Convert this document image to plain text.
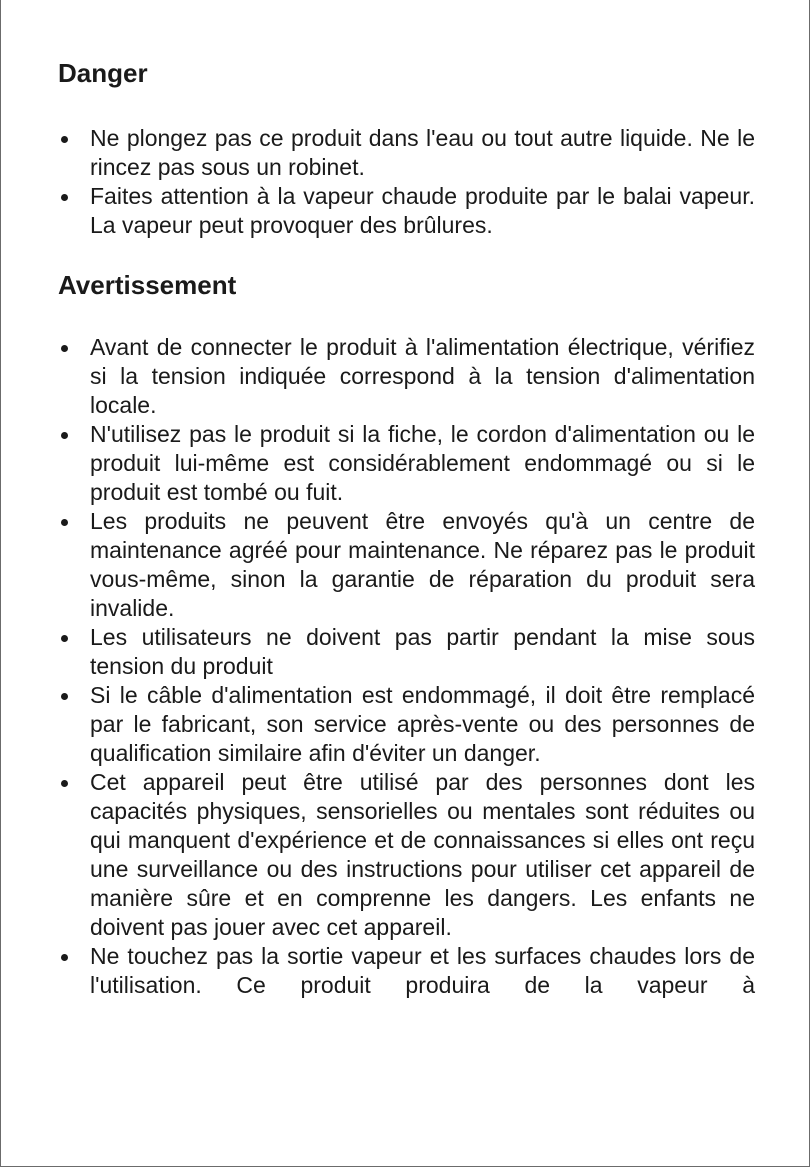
Danger
Ne plongez pas ce produit dans l'eau ou tout autre liquide. Ne le rincez pas sous un robinet.
Faites attention à la vapeur chaude produite par le balai vapeur. La vapeur peut provoquer des brûlures.
Avertissement
Avant de connecter le produit à l'alimentation électrique, vérifiez si la tension indiquée correspond à la tension d'alimentation locale.
N'utilisez pas le produit si la fiche, le cordon d'alimentation ou le produit lui-même est considérablement endommagé ou si le produit est tombé ou fuit.
Les produits ne peuvent être envoyés qu'à un centre de maintenance agréé pour maintenance. Ne réparez pas le produit vous-même, sinon la garantie de réparation du produit sera invalide.
Les utilisateurs ne doivent pas partir pendant la mise sous tension du produit
Si le câble d'alimentation est endommagé, il doit être remplacé par le fabricant, son service après-vente ou des personnes de qualification similaire afin d'éviter un danger.
Cet appareil peut être utilisé par des personnes dont les capacités physiques, sensorielles ou mentales sont réduites ou qui manquent d'expérience et de connaissances si elles ont reçu une surveillance ou des instructions pour utiliser cet appareil de manière sûre et en comprenne les dangers. Les enfants ne doivent pas jouer avec cet appareil.
Ne touchez pas la sortie vapeur et les surfaces chaudes lors de l'utilisation. Ce produit produira de la vapeur à
